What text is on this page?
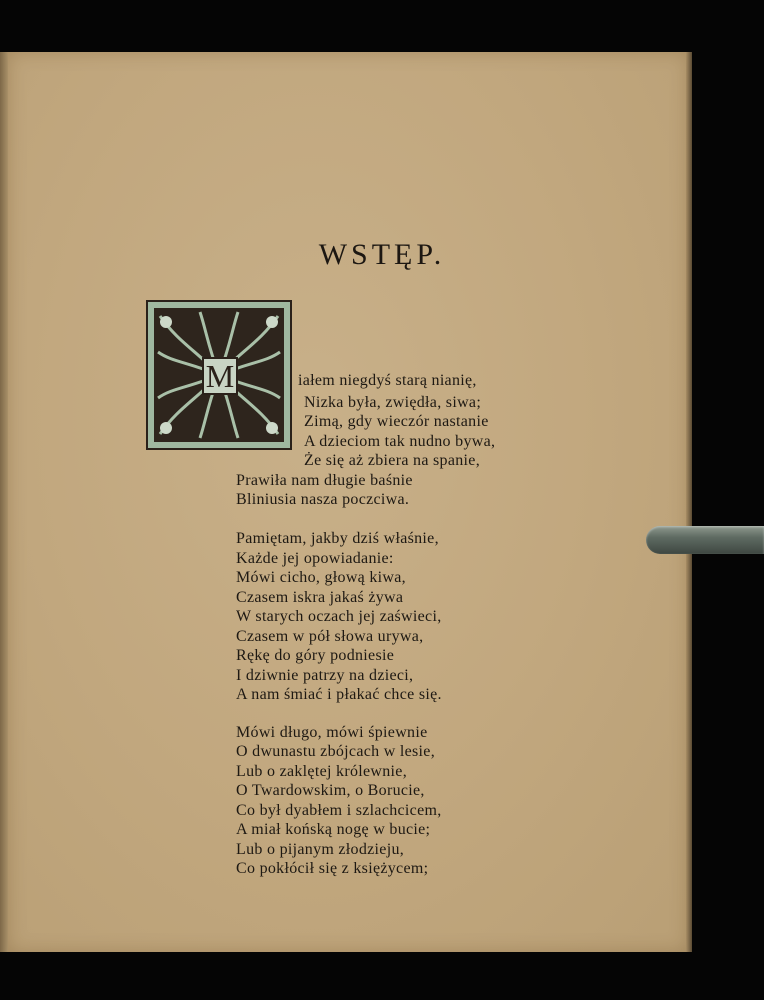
WSTĘP.
M	iałem niegdyś starą nianię,
Nizka była, zwiędła, siwa;
Zimą, gdy wieczór nastanie
A dzieciom tak nudno bywa,
Że się aż zbiera na spanie,
Prawiła nam długie baśnie
Bliniusia nasza poczciwa.
Pamiętam, jakby dziś właśnie,
Każde jej opowiadanie:
Mówi cicho, głową kiwa,
Czasem iskra jakaś żywa
W starych oczach jej zaświeci,
Czasem w pół słowa urywa,
Rękę do góry podniesie
I dziwnie patrzy na dzieci,
A nam śmiać i płakać chce się.
Mówi długo, mówi śpiewnie
O dwunastu zbójcach w lesie,
Lub o zaklętej królewnie,
O Twardowskim, o Borucie,
Co był dyabłem i szlachcicem,
A miał końską nogę w bucie;
Lub o pijanym złodzieju,
Co pokłócił się z księżycem;
